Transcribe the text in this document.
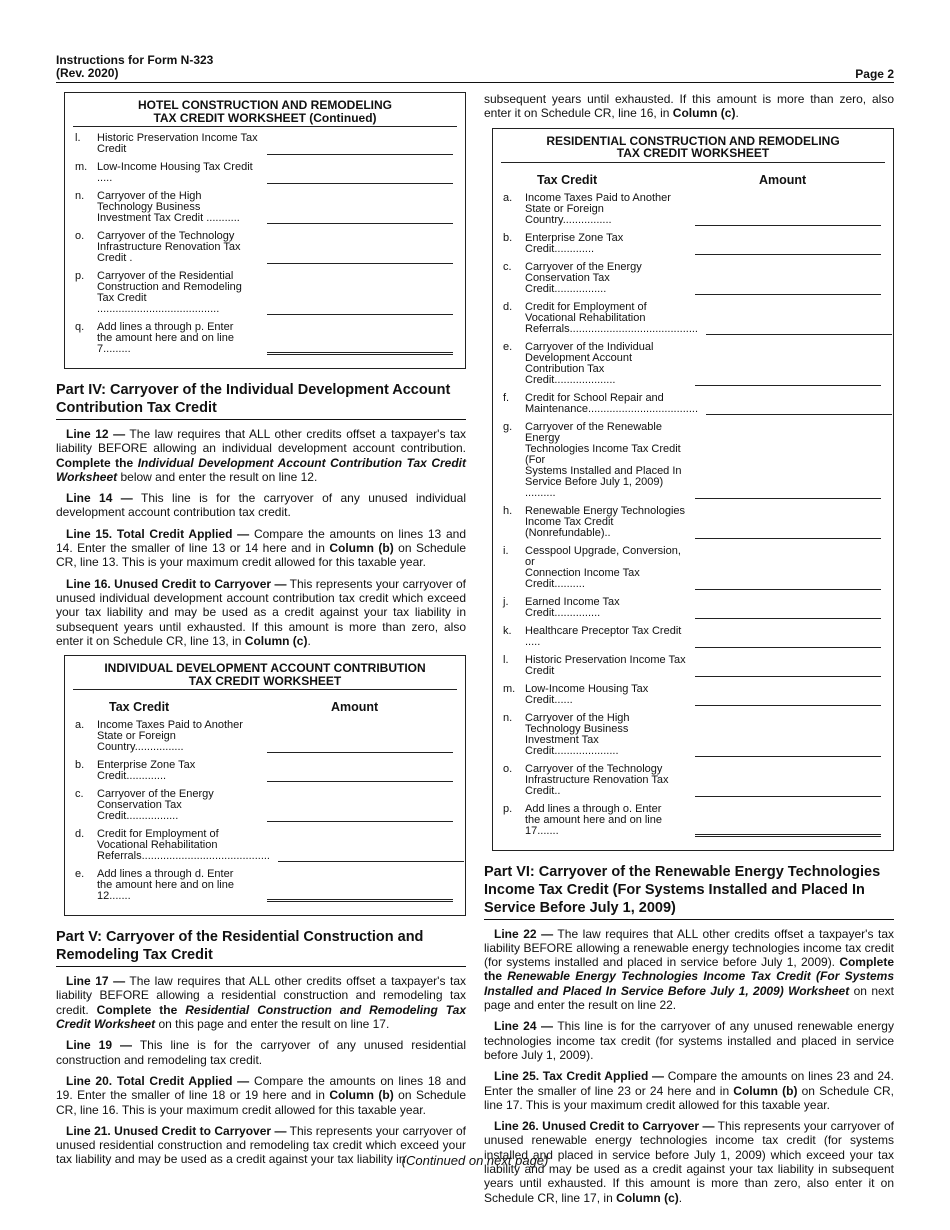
Instructions for Form N-323
(Rev. 2020)	Page 2
HOTEL CONSTRUCTION AND REMODELING
TAX CREDIT WORKSHEET (Continued)
l.	Historic Preservation Income Tax Credit
m. Low-Income Housing Tax Credit .....
n.	Carryover of the High
Technology Business
Investment Tax Credit ...........
o.	Carryover of the Technology
Infrastructure Renovation Tax Credit .
p.	Carryover of the Residential
Construction and Remodeling
Tax Credit ........................................
q.	Add lines a through p. Enter
the amount here and on line 7.........
Part IV: Carryover of the Individual Development Account Contribution Tax Credit

Line 12 — The law requires that ALL other credits offset a taxpayer's tax liability BEFORE allowing an individual development account contribution. Complete the Individual Development Account Contribution Tax Credit Worksheet below and enter the result on line 12.

Line 14 — This line is for the carryover of any unused individual development account contribution tax credit.

Line 15. Total Credit Applied — Compare the amounts on lines 13 and 14. Enter the smaller of line 13 or 14 here and in Column (b) on Schedule CR, line 13. This is your maximum credit allowed for this taxable year.

Line 16. Unused Credit to Carryover — This represents your carryover of unused individual development account contribution tax credit which exceed your tax liability and may be used as a credit against your tax liability in subsequent years until exhausted. If this amount is more than zero, also enter it on Schedule CR, line 13, in Column (c).

INDIVIDUAL DEVELOPMENT ACCOUNT CONTRIBUTION
TAX CREDIT WORKSHEET
Tax Credit	Amount
a.	Income Taxes Paid to Another
State or Foreign Country................
b.	Enterprise Zone Tax Credit.............
c.	Carryover of the Energy
Conservation Tax Credit.................
d.	Credit for Employment of
Vocational Rehabilitation
Referrals..........................................
e.	Add lines a through d. Enter
the amount here and on line 12.......
Part V: Carryover of the Residential Construction and Remodeling Tax Credit

Line 17 — The law requires that ALL other credits offset a taxpayer's tax liability BEFORE allowing a residential construction and remodeling tax credit. Complete the Residential Construction and Remodeling Tax Credit Worksheet on this page and enter the result on line 17.

Line 19 — This line is for the carryover of any unused residential construction and remodeling tax credit.

Line 20. Total Credit Applied — Compare the amounts on lines 18 and 19. Enter the smaller of line 18 or 19 here and in Column (b) on Schedule CR, line 16. This is your maximum credit allowed for this taxable year.

Line 21. Unused Credit to Carryover — This represents your carryover of unused residential construction and remodeling tax credit which exceed your tax liability and may be used as a credit against your tax liability in

subsequent years until exhausted. If this amount is more than zero, also enter it on Schedule CR, line 16, in Column (c).

RESIDENTIAL CONSTRUCTION AND REMODELING
TAX CREDIT WORKSHEET
Tax Credit	Amount
a.	Income Taxes Paid to Another
State or Foreign Country................
b.	Enterprise Zone Tax Credit.............
c.	Carryover of the Energy
Conservation Tax Credit.................
d.	Credit for Employment of
Vocational Rehabilitation
Referrals..........................................
e.	Carryover of the Individual
Development Account
Contribution Tax Credit....................
f.	Credit for School Repair and
Maintenance....................................
g.	Carryover of the Renewable Energy
Technologies Income Tax Credit (For
Systems Installed and Placed In
Service Before July 1, 2009) ..........
h.	Renewable Energy Technologies
Income Tax Credit (Nonrefundable)..
i.	Cesspool Upgrade, Conversion, or
Connection Income Tax Credit..........
j.	Earned Income Tax Credit...............
k.	Healthcare Preceptor Tax Credit .....
l.	Historic Preservation Income Tax Credit
m. Low-Income Housing Tax Credit......
n.	Carryover of the High
Technology Business
Investment Tax Credit.....................
o.	Carryover of the Technology
Infrastructure Renovation Tax Credit..
p.	Add lines a through o. Enter
the amount here and on line 17.......
Part VI: Carryover of the Renewable Energy Technologies Income Tax Credit (For Systems Installed and Placed In Service Before July 1, 2009)

Line 22 — The law requires that ALL other credits offset a taxpayer's tax liability BEFORE allowing a renewable energy technologies income tax credit (for systems installed and placed in service before July 1, 2009). Complete the Renewable Energy Technologies Income Tax Credit (For Systems Installed and Placed In Service Before July 1, 2009) Worksheet on next page and enter the result on line 22.

Line 24 — This line is for the carryover of any unused renewable energy technologies income tax credit (for systems installed and placed in service before July 1, 2009).

Line 25. Tax Credit Applied — Compare the amounts on lines 23 and 24. Enter the smaller of line 23 or 24 here and in Column (b) on Schedule CR, line 17. This is your maximum credit allowed for this taxable year.

Line 26. Unused Credit to Carryover — This represents your carryover of unused renewable energy technologies income tax credit (for systems installed and placed in service before July 1, 2009) which exceed your tax liability and may be used as a credit against your tax liability in subsequent years until exhausted. If this amount is more than zero, also enter it on Schedule CR, line 17, in Column (c).

(Continued on next page)
